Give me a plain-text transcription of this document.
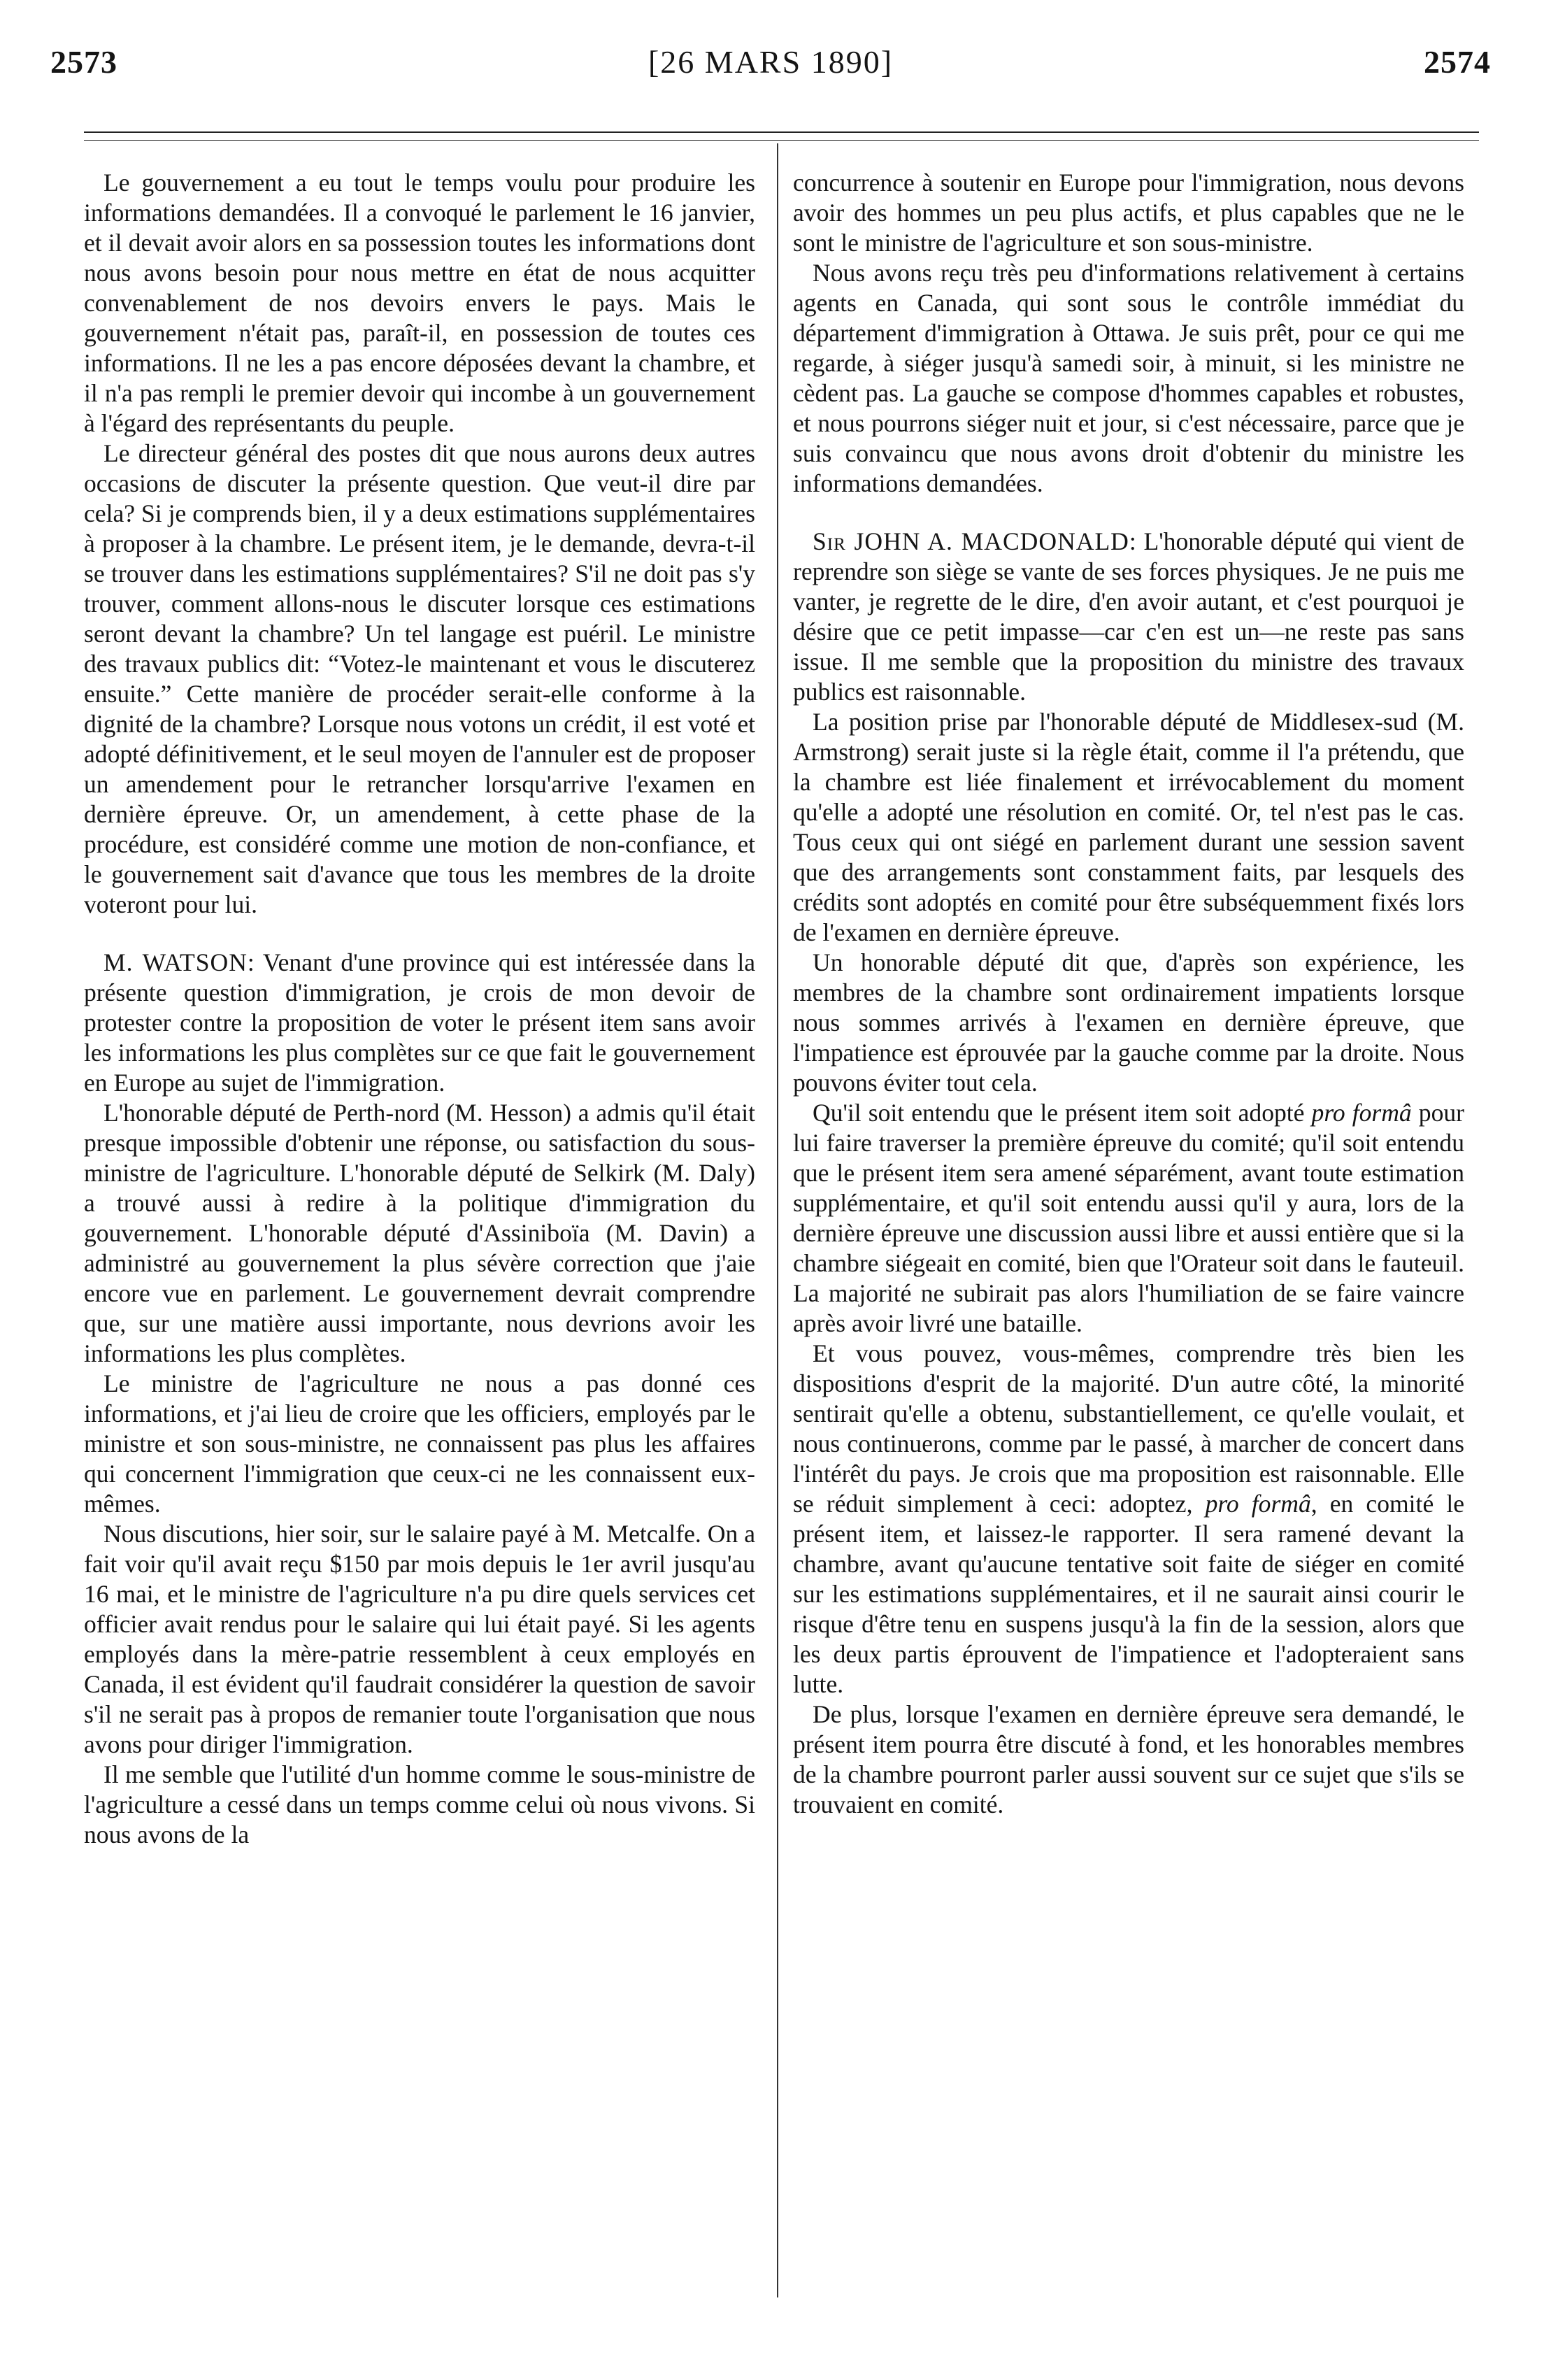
2573	[26 MARS 1890]	2574

Le gouvernement a eu tout le temps voulu pour produire les informations demandées. Il a convoqué le parlement le 16 janvier, et il devait avoir alors en sa possession toutes les informations dont nous avons besoin pour nous mettre en état de nous acquitter convenablement de nos devoirs envers le pays. Mais le gouvernement n'était pas, paraît-il, en possession de toutes ces informations. Il ne les a pas encore déposées devant la chambre, et il n'a pas rempli le premier devoir qui incombe à un gouvernement à l'égard des représentants du peuple.

Le directeur général des postes dit que nous aurons deux autres occasions de discuter la présente question. Que veut-il dire par cela? Si je comprends bien, il y a deux estimations supplémentaires à proposer à la chambre. Le présent item, je le demande, devra-t-il se trouver dans les estimations supplémentaires? S'il ne doit pas s'y trouver, comment allons-nous le discuter lorsque ces estimations seront devant la chambre? Un tel langage est puéril. Le ministre des travaux publics dit: “Votez-le maintenant et vous le discuterez ensuite.” Cette manière de procéder serait-elle conforme à la dignité de la chambre? Lorsque nous votons un crédit, il est voté et adopté définitivement, et le seul moyen de l'annuler est de proposer un amendement pour le retrancher lorsqu'arrive l'examen en dernière épreuve. Or, un amendement, à cette phase de la procédure, est considéré comme une motion de non-confiance, et le gouvernement sait d'avance que tous les membres de la droite voteront pour lui.

M. WATSON: Venant d'une province qui est intéressée dans la présente question d'immigration, je crois de mon devoir de protester contre la proposition de voter le présent item sans avoir les informations les plus complètes sur ce que fait le gouvernement en Europe au sujet de l'immigration.

L'honorable député de Perth-nord (M. Hesson) a admis qu'il était presque impossible d'obtenir une réponse, ou satisfaction du sous-ministre de l'agriculture. L'honorable député de Selkirk (M. Daly) a trouvé aussi à redire à la politique d'immigration du gouvernement. L'honorable député d'Assiniboïa (M. Davin) a administré au gouvernement la plus sévère correction que j'aie encore vue en parlement. Le gouvernement devrait comprendre que, sur une matière aussi importante, nous devrions avoir les informations les plus complètes.

Le ministre de l'agriculture ne nous a pas donné ces informations, et j'ai lieu de croire que les officiers, employés par le ministre et son sous-ministre, ne connaissent pas plus les affaires qui concernent l'immigration que ceux-ci ne les connaissent eux-mêmes.

Nous discutions, hier soir, sur le salaire payé à M. Metcalfe. On a fait voir qu'il avait reçu $150 par mois depuis le 1er avril jusqu'au 16 mai, et le ministre de l'agriculture n'a pu dire quels services cet officier avait rendus pour le salaire qui lui était payé. Si les agents employés dans la mère-patrie ressemblent à ceux employés en Canada, il est évident qu'il faudrait considérer la question de savoir s'il ne serait pas à propos de remanier toute l'organisation que nous avons pour diriger l'immigration.

Il me semble que l'utilité d'un homme comme le sous-ministre de l'agriculture a cessé dans un temps comme celui où nous vivons. Si nous avons de la

concurrence à soutenir en Europe pour l'immigration, nous devons avoir des hommes un peu plus actifs, et plus capables que ne le sont le ministre de l'agriculture et son sous-ministre.

Nous avons reçu très peu d'informations relativement à certains agents en Canada, qui sont sous le contrôle immédiat du département d'immigration à Ottawa. Je suis prêt, pour ce qui me regarde, à siéger jusqu'à samedi soir, à minuit, si les ministre ne cèdent pas. La gauche se compose d'hommes capables et robustes, et nous pourrons siéger nuit et jour, si c'est nécessaire, parce que je suis convaincu que nous avons droit d'obtenir du ministre les informations demandées.

Sir JOHN A. MACDONALD: L'honorable député qui vient de reprendre son siège se vante de ses forces physiques. Je ne puis me vanter, je regrette de le dire, d'en avoir autant, et c'est pourquoi je désire que ce petit impasse—car c'en est un—ne reste pas sans issue. Il me semble que la proposition du ministre des travaux publics est raisonnable.

La position prise par l'honorable député de Middlesex-sud (M. Armstrong) serait juste si la règle était, comme il l'a prétendu, que la chambre est liée finalement et irrévocablement du moment qu'elle a adopté une résolution en comité. Or, tel n'est pas le cas. Tous ceux qui ont siégé en parlement durant une session savent que des arrangements sont constamment faits, par lesquels des crédits sont adoptés en comité pour être subséquemment fixés lors de l'examen en dernière épreuve.

Un honorable député dit que, d'après son expérience, les membres de la chambre sont ordinairement impatients lorsque nous sommes arrivés à l'examen en dernière épreuve, que l'impatience est éprouvée par la gauche comme par la droite. Nous pouvons éviter tout cela.

Qu'il soit entendu que le présent item soit adopté pro formâ pour lui faire traverser la première épreuve du comité; qu'il soit entendu que le présent item sera amené séparément, avant toute estimation supplémentaire, et qu'il soit entendu aussi qu'il y aura, lors de la dernière épreuve une discussion aussi libre et aussi entière que si la chambre siégeait en comité, bien que l'Orateur soit dans le fauteuil. La majorité ne subirait pas alors l'humiliation de se faire vaincre après avoir livré une bataille.

Et vous pouvez, vous-mêmes, comprendre très bien les dispositions d'esprit de la majorité. D'un autre côté, la minorité sentirait qu'elle a obtenu, substantiellement, ce qu'elle voulait, et nous continuerons, comme par le passé, à marcher de concert dans l'intérêt du pays. Je crois que ma proposition est raisonnable. Elle se réduit simplement à ceci: adoptez, pro formâ, en comité le présent item, et laissez-le rapporter. Il sera ramené devant la chambre, avant qu'aucune tentative soit faite de siéger en comité sur les estimations supplémentaires, et il ne saurait ainsi courir le risque d'être tenu en suspens jusqu'à la fin de la session, alors que les deux partis éprouvent de l'impatience et l'adopteraient sans lutte.

De plus, lorsque l'examen en dernière épreuve sera demandé, le présent item pourra être discuté à fond, et les honorables membres de la chambre pourront parler aussi souvent sur ce sujet que s'ils se trouvaient en comité.
